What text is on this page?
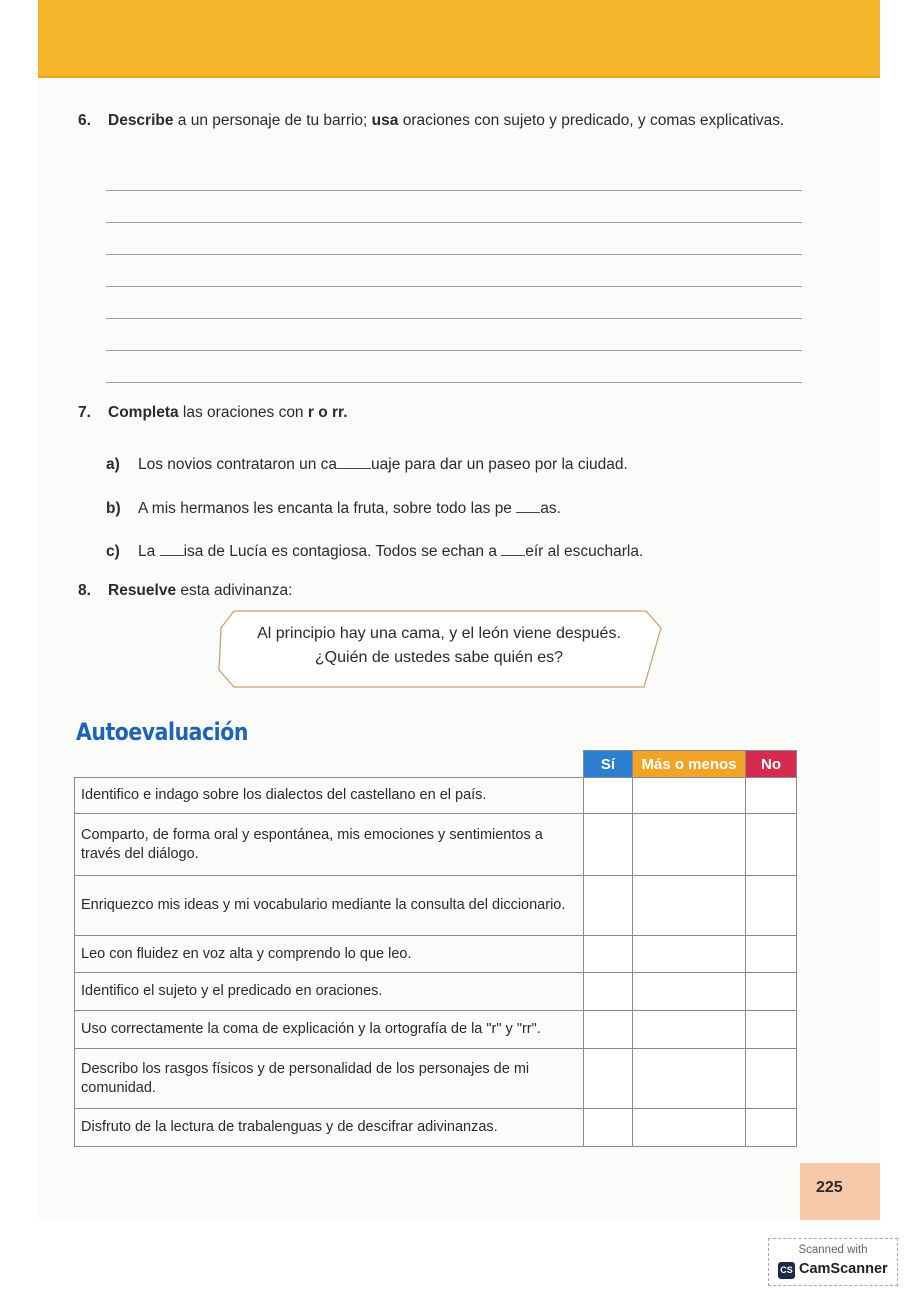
6. Describe a un personaje de tu barrio; usa oraciones con sujeto y predicado, y comas explicativas.
7. Completa las oraciones con r o rr.
a) Los novios contrataron un ca uaje para dar un paseo por la ciudad.
b) A mis hermanos les encanta la fruta, sobre todo las pe as.
c) La isa de Lucía es contagiosa. Todos se echan a eír al escucharla.
8. Resuelve esta adivinanza:
Al principio hay una cama, y el león viene después.
¿Quién de ustedes sabe quién es?
Autoevaluación
	Sí	Más o menos	No
Identifico e indago sobre los dialectos del castellano en el país.			
Comparto, de forma oral y espontánea, mis emociones y sentimientos a través del diálogo.			
Enriquezco mis ideas y mi vocabulario mediante la consulta del diccionario.			
Leo con fluidez en voz alta y comprendo lo que leo.			
Identifico el sujeto y el predicado en oraciones.			
Uso correctamente la coma de explicación y la ortografía de la "r" y "rr".			
Describo los rasgos físicos y de personalidad de los personajes de mi comunidad.			
Disfruto de la lectura de trabalenguas y de descifrar adivinanzas.			
225
Scanned with
CS CamScanner
